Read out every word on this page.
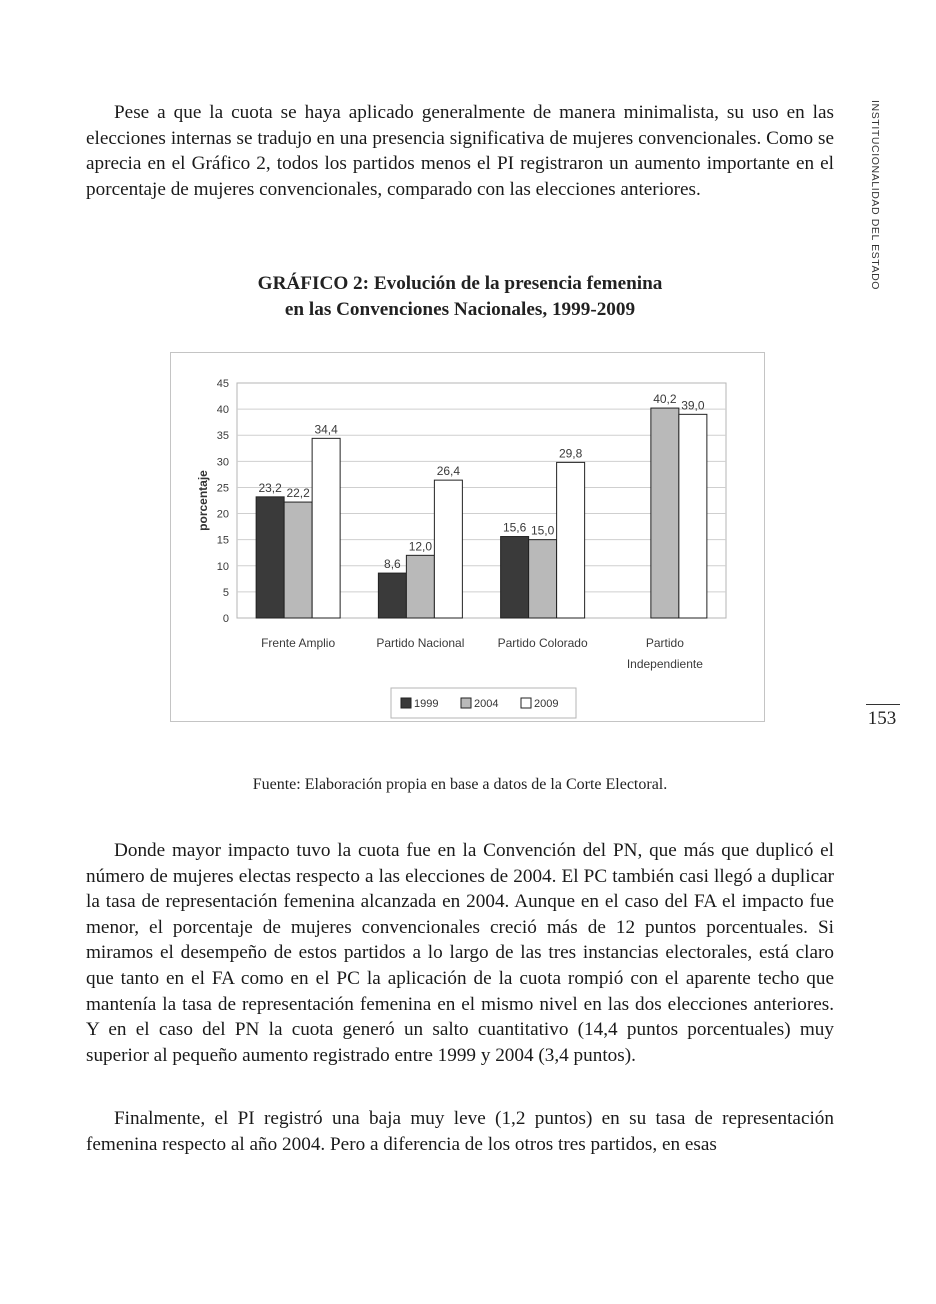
Pese a que la cuota se haya aplicado generalmente de manera minimalista, su uso en las elecciones internas se tradujo en una presencia significativa de mujeres convencionales. Como se aprecia en el Gráfico 2, todos los partidos menos el PI registraron un aumento importante en el porcentaje de mujeres convencionales, comparado con las elecciones anteriores.

GRÁFICO 2: Evolución de la presencia femenina
en las Convenciones Nacionales, 1999-2009
0
5
10
15
20
25
30
35
40
45
porcentaje	23,2 22,2
34,4
Frente Amplio
8,6
12,0
26,4
Partido Nacional
15,6 15,0
29,8
Partido Colorado
40,2 39,0
Partido
Independiente
1999	2004	2009
Fuente: Elaboración propia en base a datos de la Corte Electoral.

Donde mayor impacto tuvo la cuota fue en la Convención del PN, que más que duplicó el número de mujeres electas respecto a las elecciones de 2004. El PC también casi llegó a duplicar la tasa de representación femenina alcanzada en 2004. Aunque en el caso del FA el impacto fue menor, el porcentaje de mujeres convencionales creció más de 12 puntos porcentuales. Si miramos el desempeño de estos partidos a lo largo de las tres instancias electorales, está claro que tanto en el FA como en el PC la aplicación de la cuota rompió con el aparente techo que mantenía la tasa de representación femenina en el mismo nivel en las dos elecciones anteriores. Y en el caso del PN la cuota generó un salto cuantitativo (14,4 puntos porcentuales) muy superior al pequeño aumento registrado entre 1999 y 2004 (3,4 puntos).

Finalmente, el PI registró una baja muy leve (1,2 puntos) en su tasa de representación femenina respecto al año 2004. Pero a diferencia de los otros tres partidos, en esas

INSTITUCIONALIDAD DEL ESTADO
153
